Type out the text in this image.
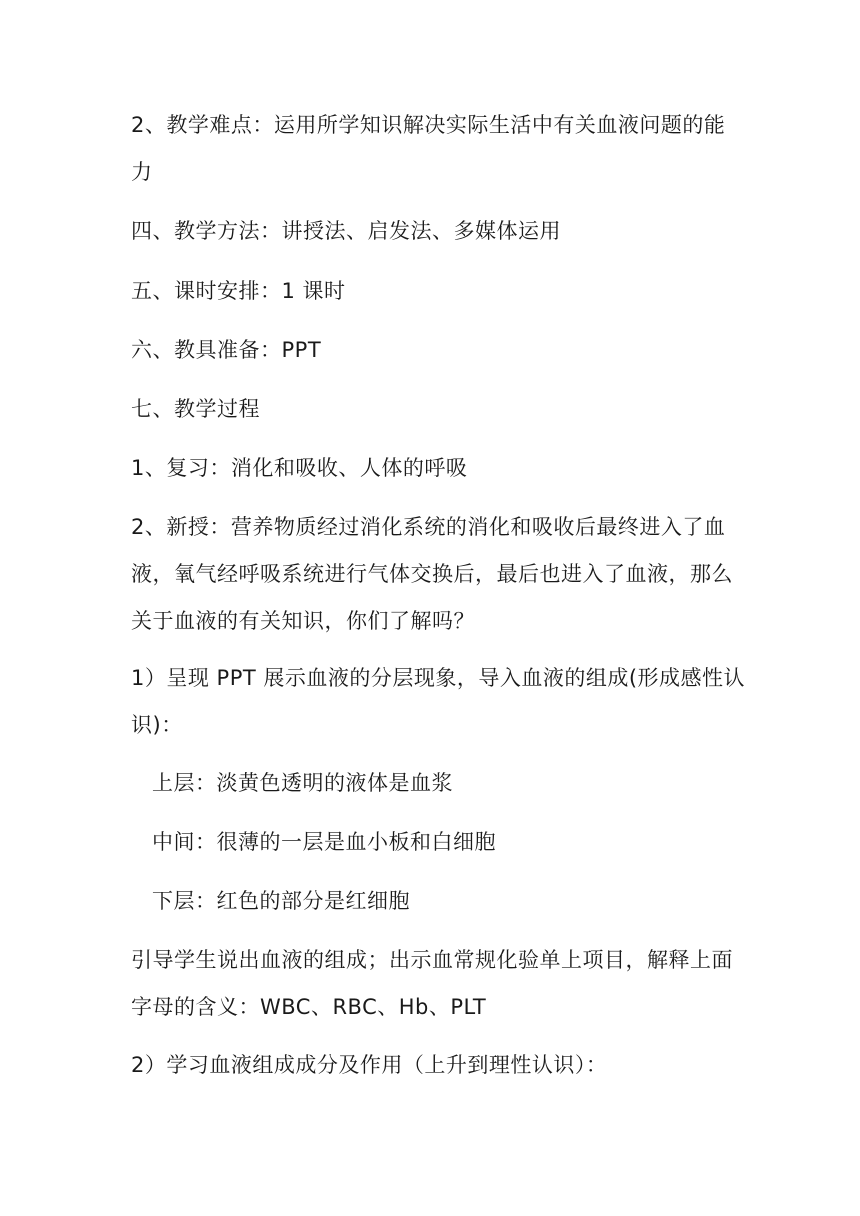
2、教学难点：运用所学知识解决实际生活中有关血液问题的能
力
四、教学方法：讲授法、启发法、多媒体运用
五、课时安排：1 课时
六、教具准备：PPT
七、教学过程
1、复习：消化和吸收、人体的呼吸
2、新授：营养物质经过消化系统的消化和吸收后最终进入了血
液，氧气经呼吸系统进行气体交换后，最后也进入了血液，那么
关于血液的有关知识，你们了解吗？
1）呈现 PPT 展示血液的分层现象，导入血液的组成(形成感性认
识)：
上层：淡黄色透明的液体是血浆
中间：很薄的一层是血小板和白细胞
下层：红色的部分是红细胞
引导学生说出血液的组成；出示血常规化验单上项目，解释上面
字母的含义：WBC、RBC、Hb、PLT
2）学习血液组成成分及作用（上升到理性认识）：
